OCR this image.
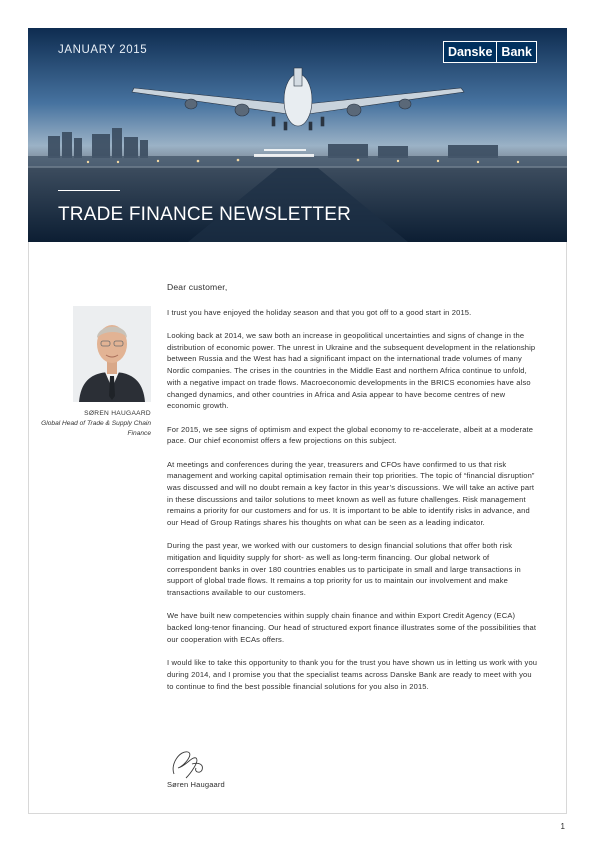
JANUARY 2015	Danske Bank
TRADE FINANCE NEWSLETTER
SØREN HAUGAARD
Global Head of Trade & Supply Chain Finance

Dear customer,

I trust you have enjoyed the holiday season and that you got off to a good start in 2015.

Looking back at 2014, we saw both an increase in geopolitical uncertainties and signs of change in the distribution of economic power. The unrest in Ukraine and the subsequent development in the relationship between Russia and the West has had a significant impact on the international trade volumes of many Nordic companies. The crises in the countries in the Middle East and northern Africa continue to unfold, with a negative impact on trade flows. Macroeconomic developments in the BRICS economies have also changed dynamics, and other countries in Africa and Asia appear to have become centres of new economic growth.

For 2015, we see signs of optimism and expect the global economy to re-accelerate, albeit at a moderate pace. Our chief economist offers a few projections on this subject.

At meetings and conferences during the year, treasurers and CFOs have confirmed to us that risk management and working capital optimisation remain their top priorities. The topic of “financial disruption” was discussed and will no doubt remain a key factor in this year’s discussions. We will take an active part in these discussions and tailor solutions to meet known as well as future challenges. Risk management remains a priority for our customers and for us. It is important to be able to identify risks in advance, and our Head of Group Ratings shares his thoughts on what can be seen as a leading indicator.

During the past year, we worked with our customers to design financial solutions that offer both risk mitigation and liquidity supply for short- as well as long-term financing. Our global network of correspondent banks in over 180 countries enables us to participate in small and large transactions in support of global trade flows. It remains a top priority for us to maintain our involvement and make transactions available to our customers.

We have built new competencies within supply chain finance and within Export Credit Agency (ECA) backed long-tenor financing. Our head of structured export finance illustrates some of the possibilities that our cooperation with ECAs offers.

I would like to take this opportunity to thank you for the trust you have shown us in letting us work with you during 2014, and I promise you that the specialist teams across Danske Bank are ready to meet with you to continue to find the best possible financial solutions for you also in 2015.

Søren Haugaard
1
